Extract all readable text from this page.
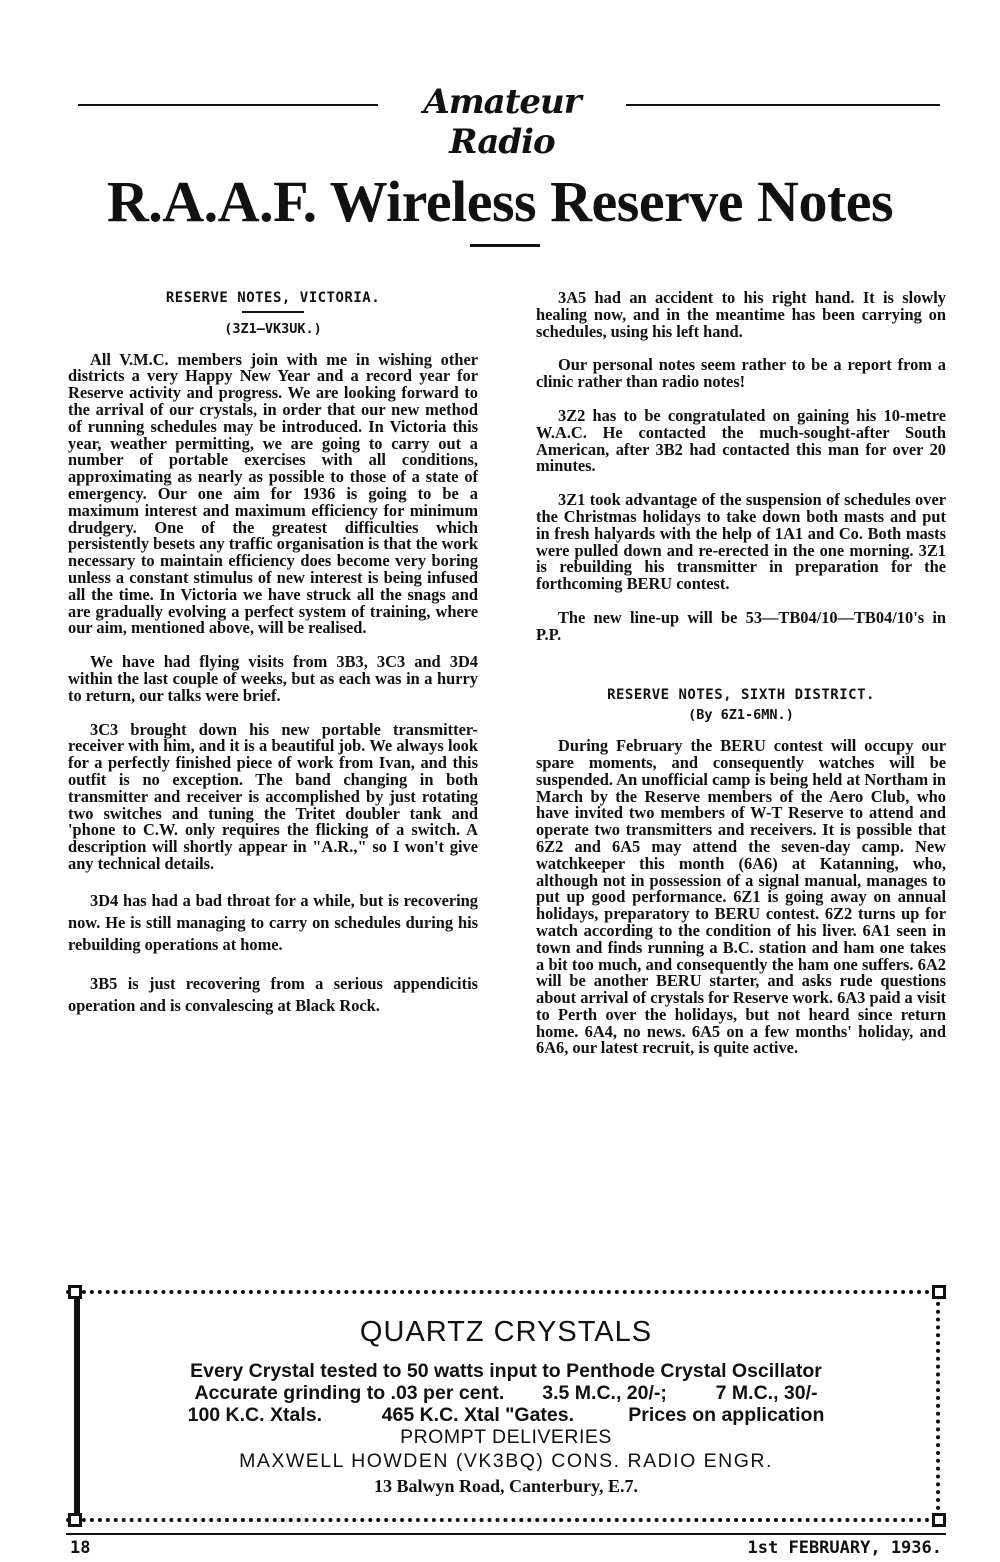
Amateur Radio
R.A.A.F. Wireless Reserve Notes
RESERVE NOTES, VICTORIA.
(3Z1—VK3UK.)

All V.M.C. members join with me in wishing other districts a very Happy New Year and a record year for Reserve activity and progress. We are looking forward to the arrival of our crystals, in order that our new method of running schedules may be introduced. In Victoria this year, weather permitting, we are going to carry out a number of portable exercises with all conditions, approximating as nearly as possible to those of a state of emergency. Our one aim for 1936 is going to be a maximum interest and maximum efficiency for minimum drudgery. One of the greatest difficulties which persistently besets any traffic organisation is that the work necessary to maintain efficiency does become very boring unless a constant stimulus of new interest is being infused all the time. In Victoria we have struck all the snags and are gradually evolving a perfect system of training, where our aim, mentioned above, will be realised.

We have had flying visits from 3B3, 3C3 and 3D4 within the last couple of weeks, but as each was in a hurry to return, our talks were brief.

3C3 brought down his new portable transmitter-receiver with him, and it is a beautiful job. We always look for a perfectly finished piece of work from Ivan, and this outfit is no exception. The band changing in both transmitter and receiver is accomplished by just rotating two switches and tuning the Tritet doubler tank and 'phone to C.W. only requires the flicking of a switch. A description will shortly appear in "A.R.," so I won't give any technical details.

3D4 has had a bad throat for a while, but is recovering now. He is still managing to carry on schedules during his rebuilding operations at home.

3B5 is just recovering from a serious appendicitis operation and is convalescing at Black Rock.

3A5 had an accident to his right hand. It is slowly healing now, and in the meantime has been carrying on schedules, using his left hand.

Our personal notes seem rather to be a report from a clinic rather than radio notes!

3Z2 has to be congratulated on gaining his 10-metre W.A.C. He contacted the much-sought-after South American, after 3B2 had contacted this man for over 20 minutes.

3Z1 took advantage of the suspension of schedules over the Christmas holidays to take down both masts and put in fresh halyards with the help of 1A1 and Co. Both masts were pulled down and re-erected in the one morning. 3Z1 is rebuilding his transmitter in preparation for the forthcoming BERU contest.

The new line-up will be 53—TB04/10—TB04/10's in P.P.

RESERVE NOTES, SIXTH DISTRICT.
(By 6Z1-6MN.)

During February the BERU contest will occupy our spare moments, and consequently watches will be suspended. An unofficial camp is being held at Northam in March by the Reserve members of the Aero Club, who have invited two members of W-T Reserve to attend and operate two transmitters and receivers. It is possible that 6Z2 and 6A5 may attend the seven-day camp. New watchkeeper this month (6A6) at Katanning, who, although not in possession of a signal manual, manages to put up good performance. 6Z1 is going away on annual holidays, preparatory to BERU contest. 6Z2 turns up for watch according to the condition of his liver. 6A1 seen in town and finds running a B.C. station and ham one takes a bit too much, and consequently the ham one suffers. 6A2 will be another BERU starter, and asks rude questions about arrival of crystals for Reserve work. 6A3 paid a visit to Perth over the holidays, but not heard since return home. 6A4, no news. 6A5 on a few months' holiday, and 6A6, our latest recruit, is quite active.

QUARTZ CRYSTALS
Every Crystal tested to 50 watts input to Penthode Crystal Oscillator
Accurate grinding to .03 per cent. 3.5 M.C., 20/-;	7 M.C., 30/-
100 K.C. Xtals.	465 K.C. Xtal "Gates.	Prices on application
PROMPT DELIVERIES
MAXWELL HOWDEN (VK3BQ) CONS. RADIO ENGR.
13 Balwyn Road, Canterbury, E.7.
18	1st FEBRUARY, 1936.
